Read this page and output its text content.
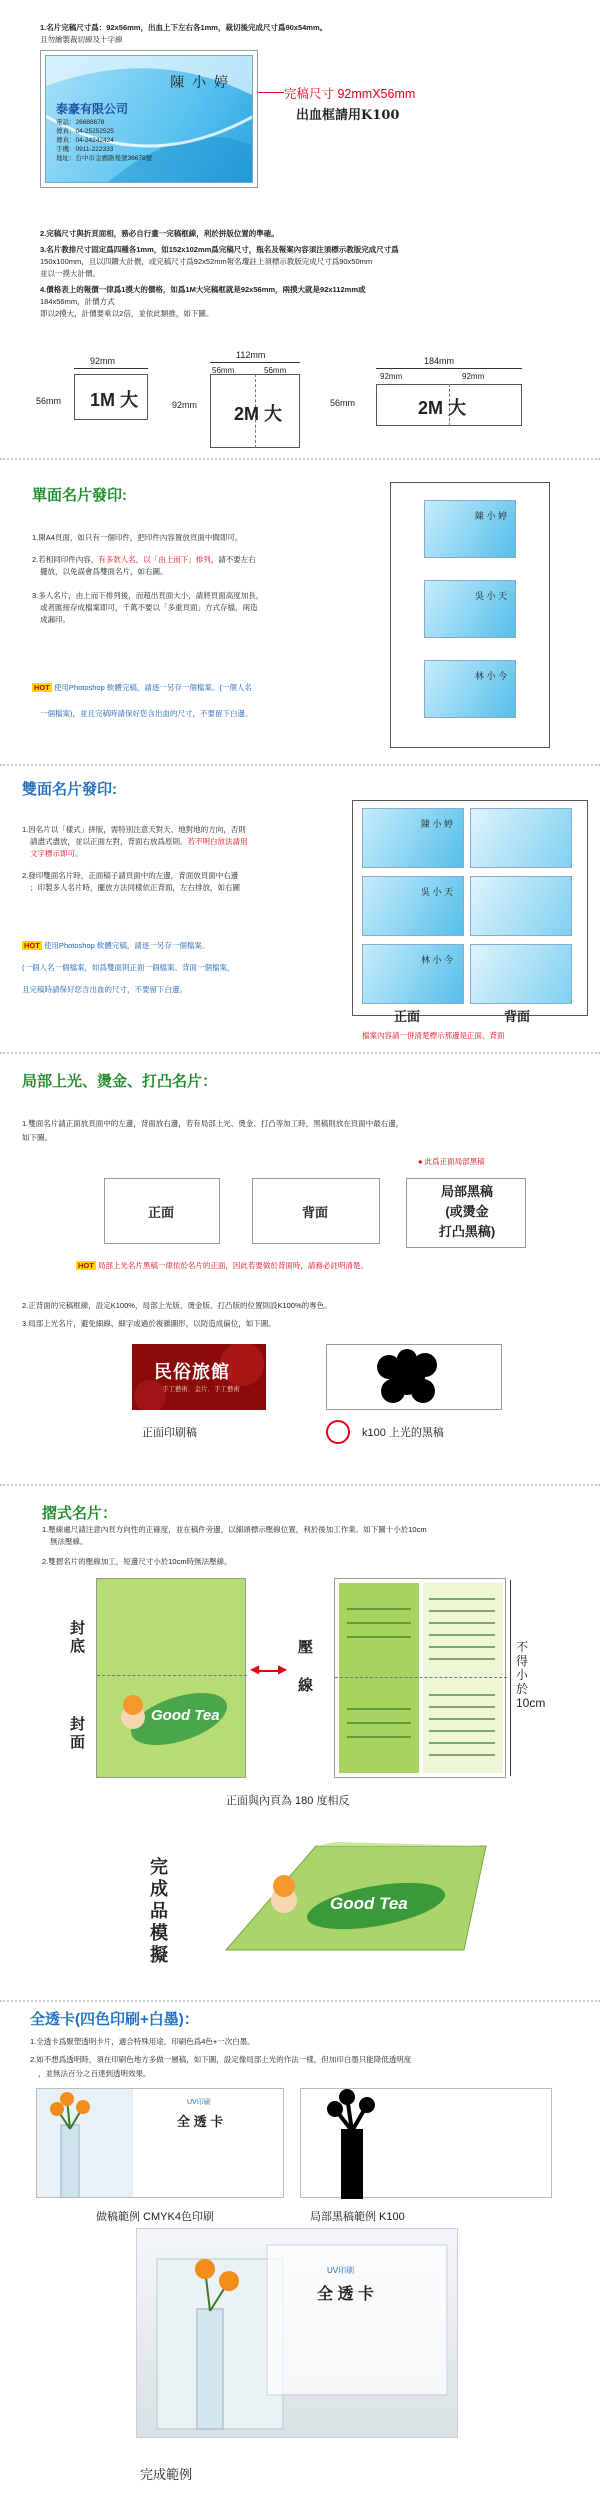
1.名片完稿尺寸爲：92x56mm，出血上下左右各1mm，裁切後完成尺寸爲90x54mm。
且勿繪製裁切線及十字線
陳 小 婷
泰豪有限公司
電話：26688678
傳真：04-25252525
傳真：04-24242424
手機：0911-222333
地址：台中市金鷹路幾號36678號
完稿尺寸 92mmX56mm
出血框請用K100
2.完稿尺寸與折頁面相，務必自行畫一完稿框線，利於拼版位置的準確。
3.名片教排尺寸固定爲四種各1mm，如152x102mm爲完稿尺寸，瓶名及報案內容須注須標示教版完成尺寸爲
150x100mm，且以四鑽大計價，或完稿尺寸爲92x52mm報名瓊註上須標示教版完成尺寸爲90x50mm
並以一摸大計價。
4.價格表上的報價一律爲1摸大的價格，如爲1M大完稿框就是92x56mm，兩摸大就是92x112mm或
184x56mm，計價方式
即以2摸大，計價要乘以2倍，並依此類推，如下圖。
92mm
56mm 1M 大
112mm
56mm	56mm
92mm 2M 大
184mm
92mm	92mm
56mm	2M 大
單面名片發印:
1.開A4頁面，如只有一個印件，把印件內容置放頁面中間即可。
2.若相同印件內容，有多款人名，以「由上而下」排列，請不要左右
擺放，以免誤會爲雙面名片，如右圖。
3.多人名片，由上而下排列後，而超出頁面大小，請將頁面高度加長，
或者匯接存成檔案即可，千萬不要以「多重頁面」方式存檔，兩造
成漏印。
HOT 使用Photoshop 軟體完稿，請逐一另存一個檔案。(一個人名
一個檔案)，並且完稿時請保好您含出血的尺寸，不要留下白邊。
陳 小 婷
吳 小 天
林 小 今
雙面名片發印:
1.因名片以「樣式」拼版，需特別注意天對天、地對地的方向，否則
請盡式盡放，並以正面左對，背面右放爲原則。若不明白放法請用
文字標示即可。
2.發印雙面名片時，正面稿子請頁面中的左邊，背面放頁面中右邊
；印製多人名片時，擺放方法同樣依正背面，左右排放，如右圖
HOT 使用Photoshop 軟體完稿，請逐一另存一個檔案。
(一個人名一個檔案，如爲雙面則正面一個檔案、背面一個檔案，
且完稿時請保好您含出血的尺寸，不要留下白邊。
陳 小 婷
吳 小 天
林 小 今
正面	背面
檔案內容請一併清楚標示那邊是正面、背面
局部上光、燙金、打凸名片：
1.雙面名片請正面放頁面中的左邊，背面放右邊，若有局部上光、燙金、打凸等加工時，黑稿則放在頁面中最右邊，
如下圖。
● 此爲正面局部黑稿
正面	背面
局部黑稿
(或燙金
打凸黑稿)
HOT 局部上光名片黑稿一律依於名片的正面，因此若要做於背面時，請務必註明清楚。
2.正背面的完稿框線，設定K100%，局部上光版、燙金版、打凸版的位置則設K100%的專色。
3.局部上光名片，避免細線、細字或過於複雜圖形，以防造成偏位，如下圖。
民俗旅館
手工藝術．金片．手工藝術
正面印刷稿	k100 上光的黑稿
摺式名片：
1.壓線處尺請注意內頁方向性的正確度，並在稿件旁邊，以細頭標示壓線位置，利於後加工作業。如下圖十小於10cm
無法壓線。
2.雙摺名片的壓線加工，短邊尺寸小於10cm時無法壓線。
封底
封面
Good Tea
◀ ▶
壓
線
不得小於10cm
正面與內頁為 180 度相反
完
成
品
模
擬
Good Tea
全透卡(四色印刷+白墨)：
1.全透卡爲聚塑透明卡片，適合特殊用途，印刷色爲4色+一次白墨。
2.如不想爲透明時，須在印刷色地方多做一層稿，如下圖，設定像局部上光的作法一樣，但加印白墨只能降低透明度
，並無法百分之百達到透明效果。
UV印刷
全 透 卡
做稿範例 CMYK4色印刷	局部黑稿範例 K100
UV印刷
全 透 卡
完成範例
